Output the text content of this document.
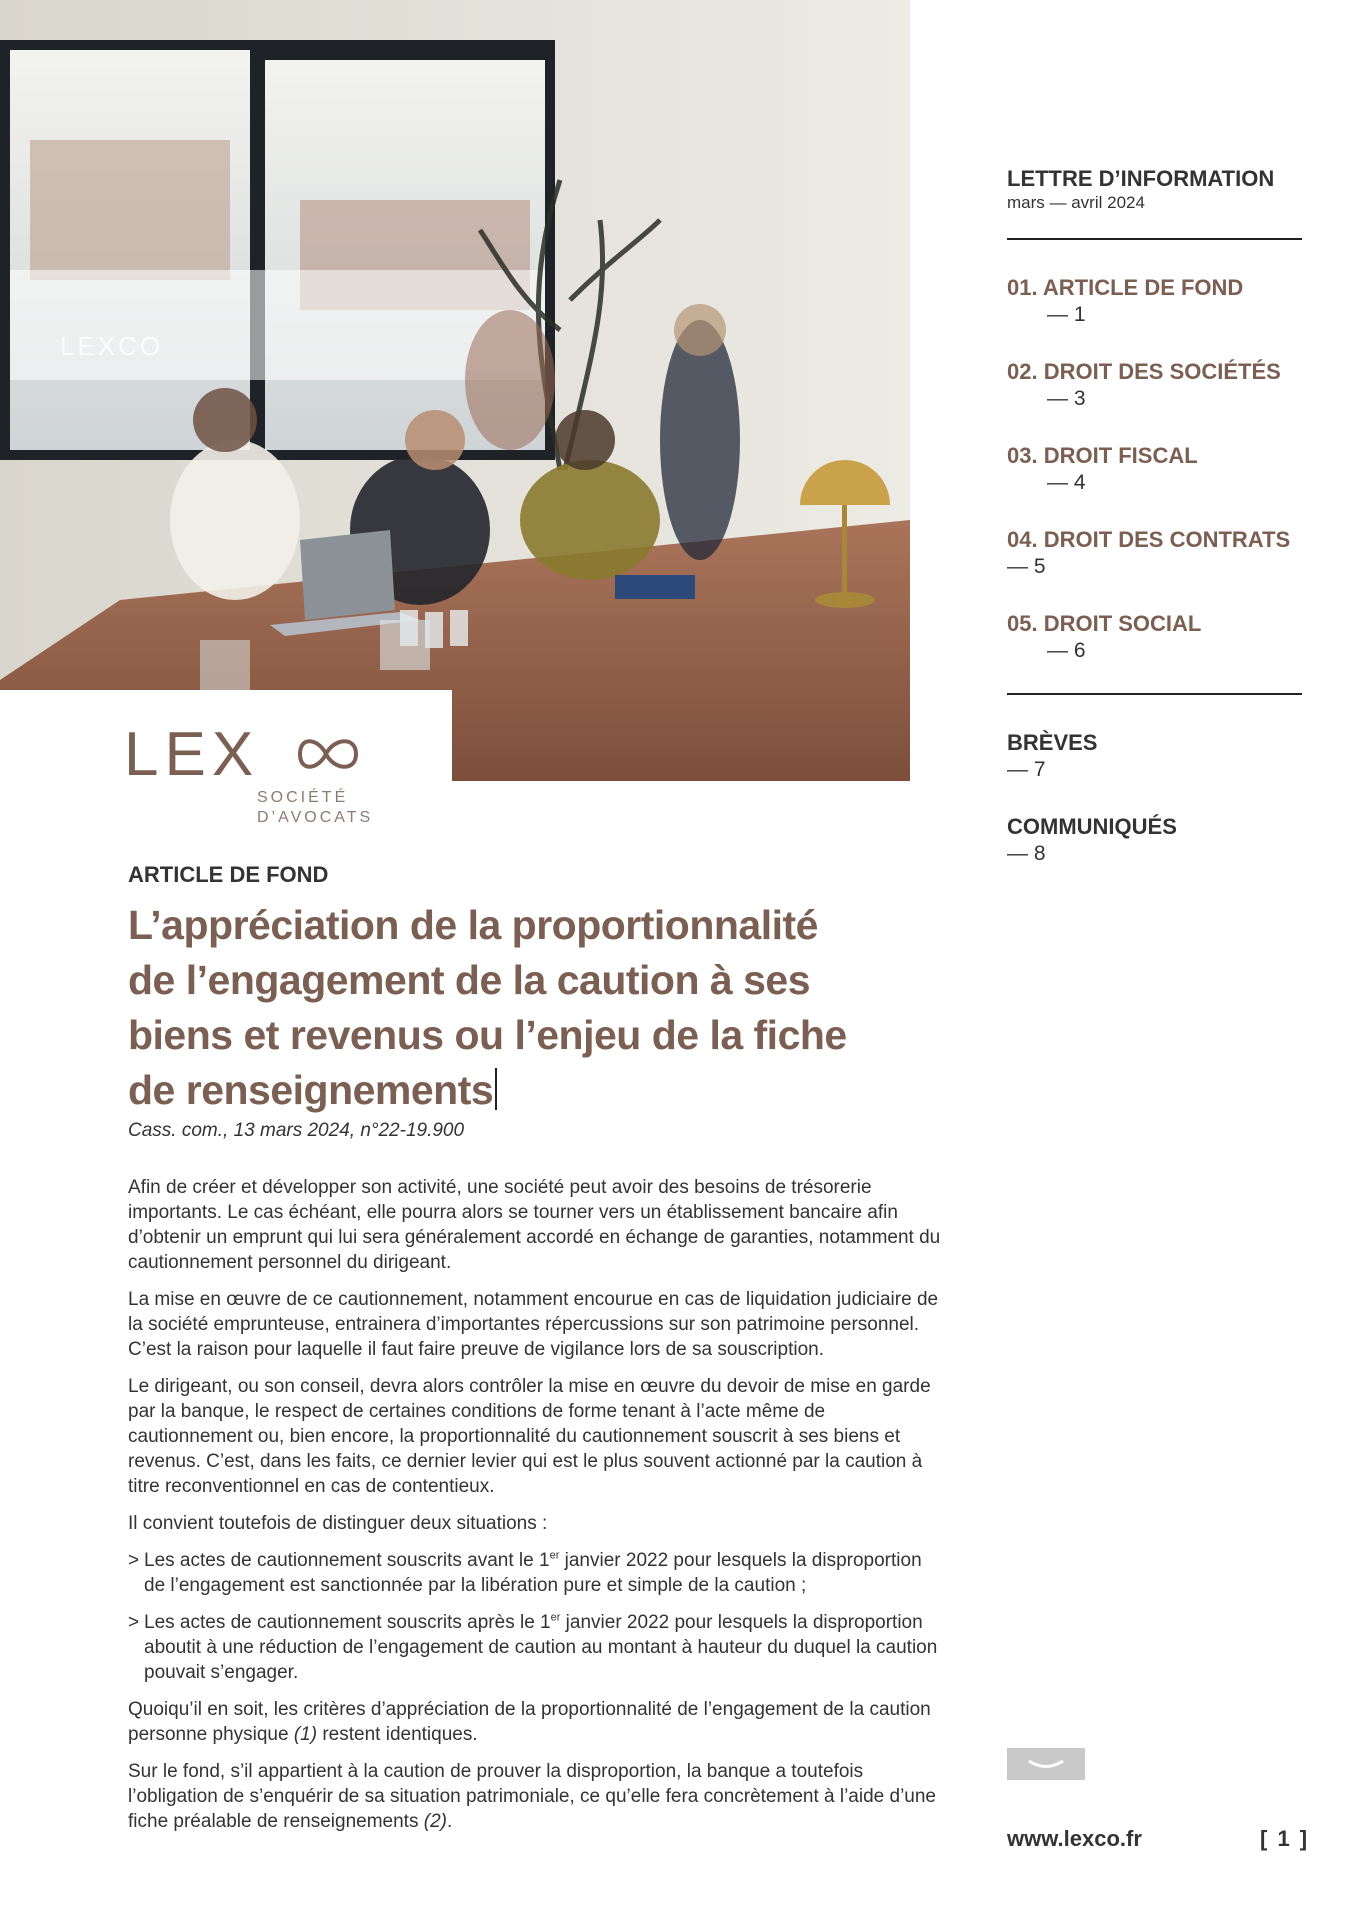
LEXCO
LEX
SOCIÉTÉ
D’AVOCATS
LETTRE D’INFORMATION
mars — avril 2024
01. ARTICLE DE FOND
— 1
02. DROIT DES SOCIÉTÉS
— 3
03. DROIT FISCAL
— 4
04. DROIT DES CONTRATS
— 5
05. DROIT SOCIAL
— 6
BRÈVES
— 7
COMMUNIQUÉS
— 8
www.lexco.fr	[ 1 ]
ARTICLE DE FOND
L’appréciation de la proportionnalité
de l’engagement de la caution à ses
biens et revenus ou l’enjeu de la fiche
de renseignements
Cass. com., 13 mars 2024, n°22-19.900

Afin de créer et développer son activité, une société peut avoir des besoins de trésorerie importants. Le cas échéant, elle pourra alors se tourner vers un établissement bancaire afin d’obtenir un emprunt qui lui sera généralement accordé en échange de garanties, notamment du cautionnement personnel du dirigeant.

La mise en œuvre de ce cautionnement, notamment encourue en cas de liquidation judiciaire de la société emprunteuse, entrainera d’importantes répercussions sur son patrimoine personnel. C’est la raison pour laquelle il faut faire preuve de vigilance lors de sa souscription.

Le dirigeant, ou son conseil, devra alors contrôler la mise en œuvre du devoir de mise en garde par la banque, le respect de certaines conditions de forme tenant à l’acte même de cautionnement ou, bien encore, la proportionnalité du cautionnement souscrit à ses biens et revenus. C’est, dans les faits, ce dernier levier qui est le plus souvent actionné par la caution à titre reconventionnel en cas de contentieux.

Il convient toutefois de distinguer deux situations :

> Les actes de cautionnement souscrits avant le 1er janvier 2022 pour lesquels la disproportion de l’engagement est sanctionnée par la libération pure et simple de la caution ;
> Les actes de cautionnement souscrits après le 1er janvier 2022 pour lesquels la disproportion aboutit à une réduction de l’engagement de caution au montant à hauteur du duquel la caution pouvait s’engager.

Quoiqu’il en soit, les critères d’appréciation de la proportionnalité de l’engagement de la caution personne physique (1) restent identiques.

Sur le fond, s’il appartient à la caution de prouver la disproportion, la banque a toutefois l’obligation de s’enquérir de sa situation patrimoniale, ce qu’elle fera concrètement à l’aide d’une fiche préalable de renseignements (2).
